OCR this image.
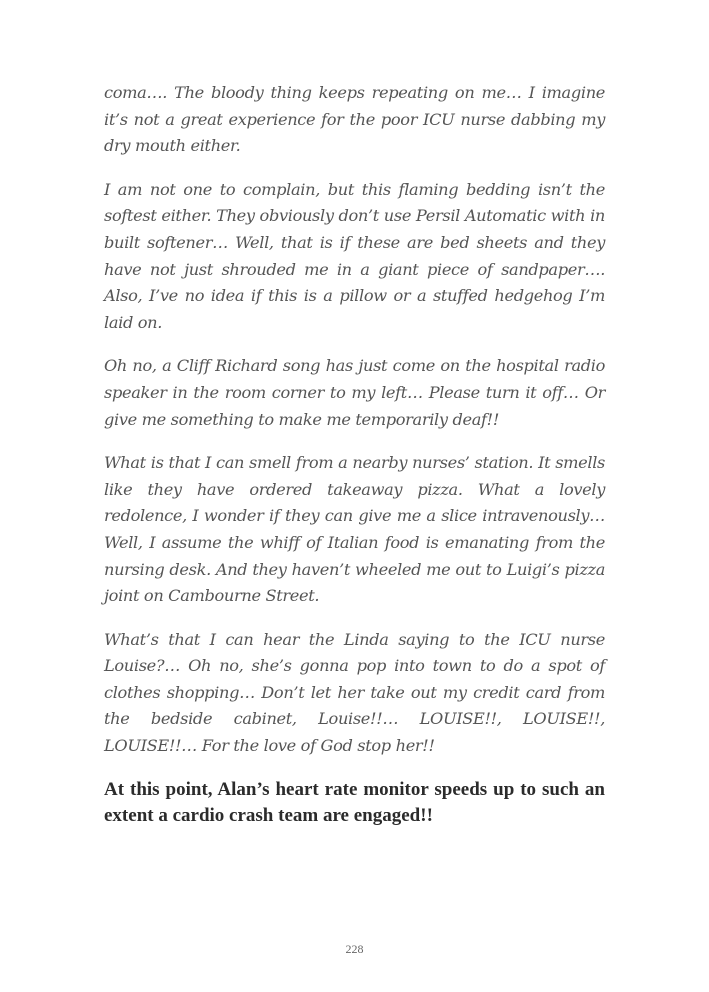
coma…. The bloody thing keeps repeating on me… I imagine it’s not a great experience for the poor ICU nurse dabbing my dry mouth either.

I am not one to complain, but this flaming bedding isn’t the softest either. They obviously don’t use Persil Automatic with in built softener… Well, that is if these are bed sheets and they have not just shrouded me in a giant piece of sandpaper…. Also, I’ve no idea if this is a pillow or a stuffed hedgehog I’m laid on.

Oh no, a Cliff Richard song has just come on the hospital radio speaker in the room corner to my left… Please turn it off… Or give me something to make me temporarily deaf!!

What is that I can smell from a nearby nurses’ station. It smells like they have ordered takeaway pizza. What a lovely redolence, I wonder if they can give me a slice intravenously… Well, I assume the whiff of Italian food is emanating from the nursing desk. And they haven’t wheeled me out to Luigi’s pizza joint on Cambourne Street.

What’s that I can hear the Linda saying to the ICU nurse Louise?… Oh no, she’s gonna pop into town to do a spot of clothes shopping… Don’t let her take out my credit card from the bedside cabinet, Louise!!… LOUISE!!, LOUISE!!, LOUISE!!… For the love of God stop her!!

At this point, Alan’s heart rate monitor speeds up to such an extent a cardio crash team are engaged!!

228
